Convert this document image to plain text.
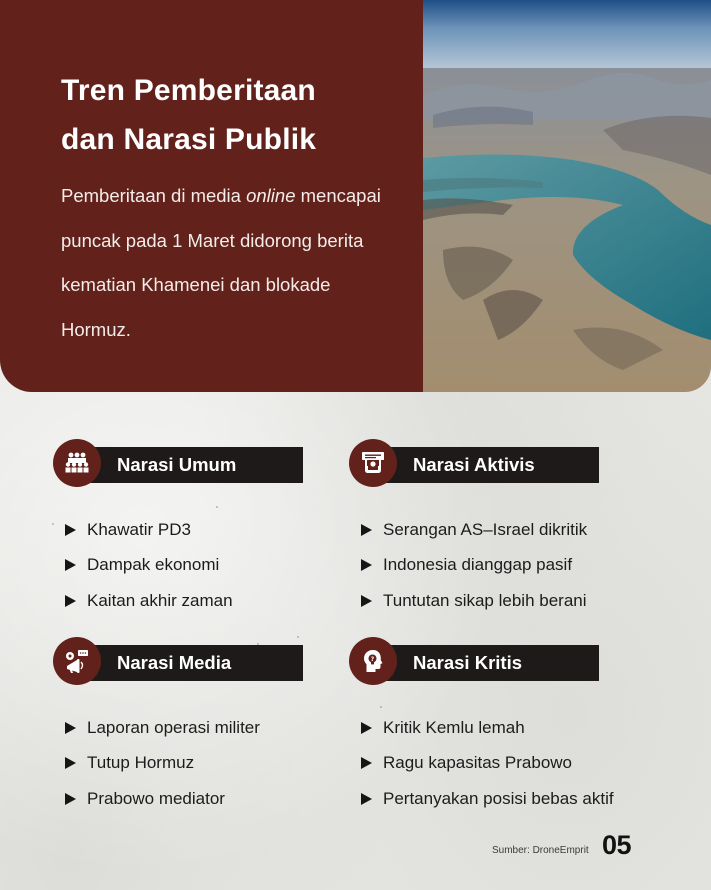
Tren Pemberitaan
dan Narasi Publik

Pemberitaan di media online mencapai puncak pada 1 Maret didorong berita kematian Khamenei dan blokade Hormuz.

Narasi Umum
Khawatir PD3
Dampak ekonomi
Kaitan akhir zaman
Narasi Aktivis
Serangan AS–Israel dikritik
Indonesia dianggap pasif
Tuntutan sikap lebih berani
Narasi Media
Laporan operasi militer
Tutup Hormuz
Prabowo mediator
Narasi Kritis
?
Kritik Kemlu lemah
Ragu kapasitas Prabowo
Pertanyakan posisi bebas aktif
Sumber: DroneEmprit 05
